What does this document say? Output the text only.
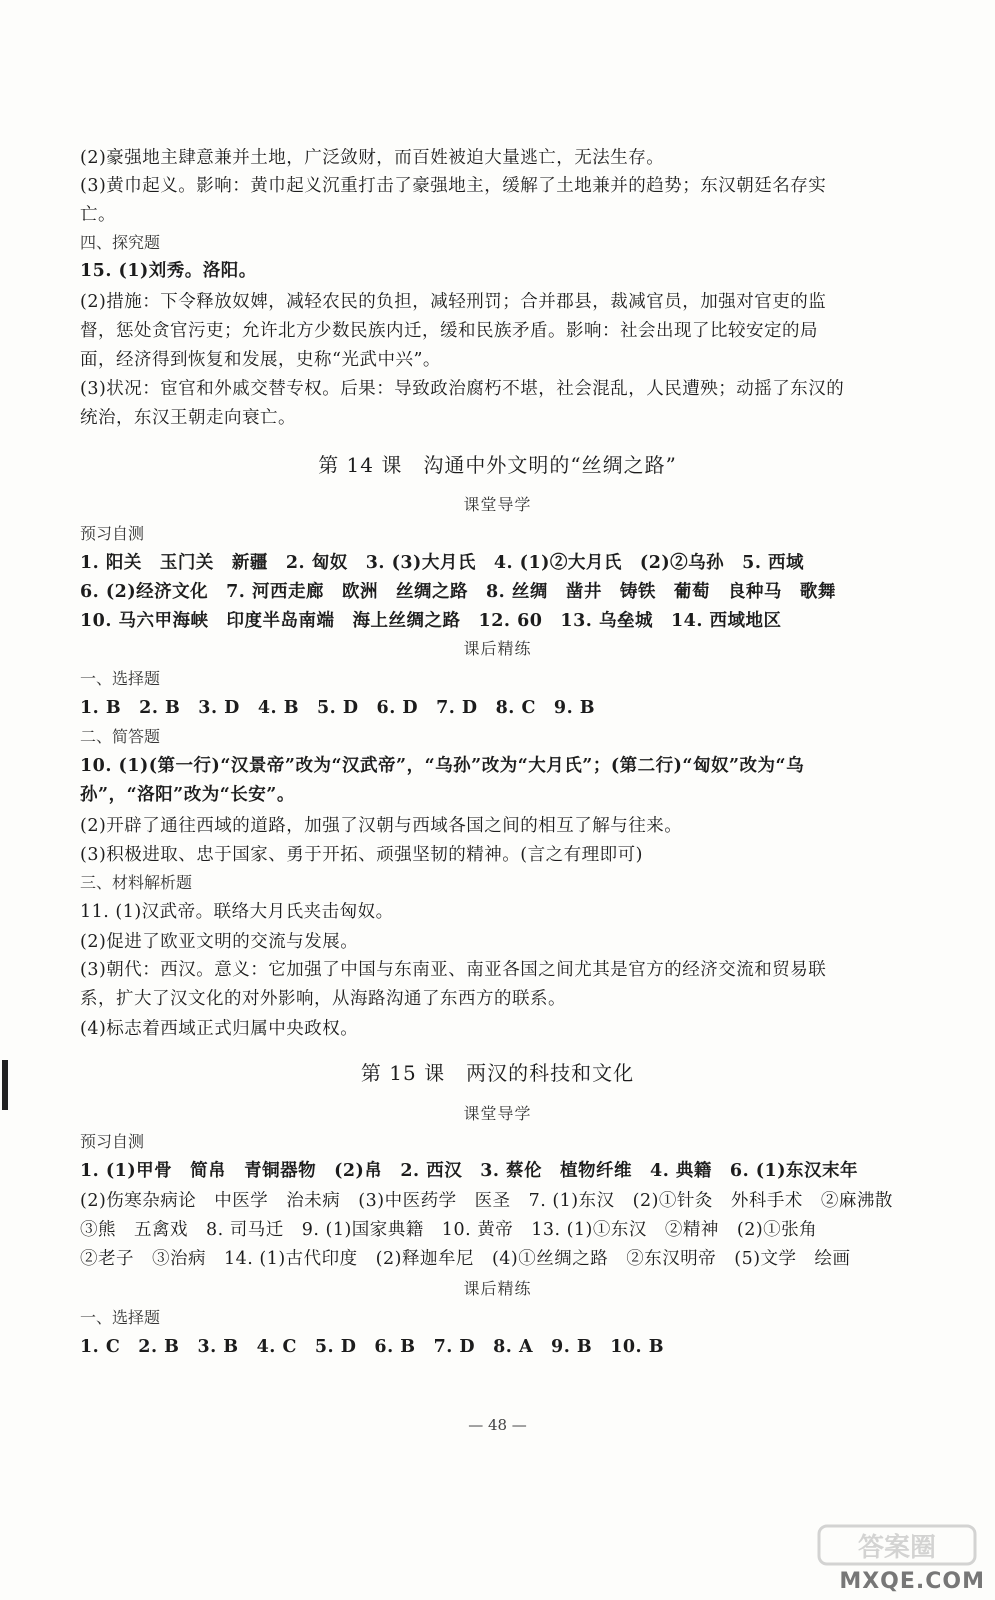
(2)豪强地主肆意兼并土地，广泛敛财，而百姓被迫大量逃亡，无法生存。
(3)黄巾起义。影响：黄巾起义沉重打击了豪强地主，缓解了土地兼并的趋势；东汉朝廷名存实亡。
四、探究题
15. (1)刘秀。洛阳。
(2)措施：下令释放奴婢，减轻农民的负担，减轻刑罚；合并郡县，裁减官员，加强对官吏的监督，惩处贪官污吏；允许北方少数民族内迁，缓和民族矛盾。影响：社会出现了比较安定的局面，经济得到恢复和发展，史称“光武中兴”。
(3)状况：宦官和外戚交替专权。后果：导致政治腐朽不堪，社会混乱，人民遭殃；动摇了东汉的统治，东汉王朝走向衰亡。
第 14 课　沟通中外文明的“丝绸之路”
课堂导学
预习自测
1. 阳关　玉门关　新疆　2. 匈奴　3. (3)大月氏　4. (1)②大月氏　(2)②乌孙　5. 西域
6. (2)经济文化　7. 河西走廊　欧洲　丝绸之路　8. 丝绸　凿井　铸铁　葡萄　良种马　歌舞
10. 马六甲海峡　印度半岛南端　海上丝绸之路　12. 60　13. 乌垒城　14. 西域地区
课后精练
一、选择题
1. B　2. B　3. D　4. B　5. D　6. D　7. D　8. C　9. B
二、简答题
10. (1)(第一行)“汉景帝”改为“汉武帝”，“乌孙”改为“大月氏”；(第二行)“匈奴”改为“乌孙”，“洛阳”改为“长安”。
(2)开辟了通往西域的道路，加强了汉朝与西域各国之间的相互了解与往来。
(3)积极进取、忠于国家、勇于开拓、顽强坚韧的精神。(言之有理即可)
三、材料解析题
11. (1)汉武帝。联络大月氏夹击匈奴。
(2)促进了欧亚文明的交流与发展。
(3)朝代：西汉。意义：它加强了中国与东南亚、南亚各国之间尤其是官方的经济交流和贸易联系，扩大了汉文化的对外影响，从海路沟通了东西方的联系。
(4)标志着西域正式归属中央政权。
第 15 课　两汉的科技和文化
课堂导学
预习自测
1. (1)甲骨　简帛　青铜器物　(2)帛　2. 西汉　3. 蔡伦　植物纤维　4. 典籍　6. (1)东汉末年
(2)伤寒杂病论　中医学　治未病　(3)中医药学　医圣　7. (1)东汉　(2)①针灸　外科手术　②麻沸散
③熊　五禽戏　8. 司马迁　9. (1)国家典籍　10. 黄帝　13. (1)①东汉　②精神　(2)①张角
②老子　③治病　14. (1)古代印度　(2)释迦牟尼　(4)①丝绸之路　②东汉明帝　(5)文学　绘画
课后精练
一、选择题
1. C　2. B　3. B　4. C　5. D　6. B　7. D　8. A　9. B　10. B
— 48 —
答案圈
MXQE.COM
